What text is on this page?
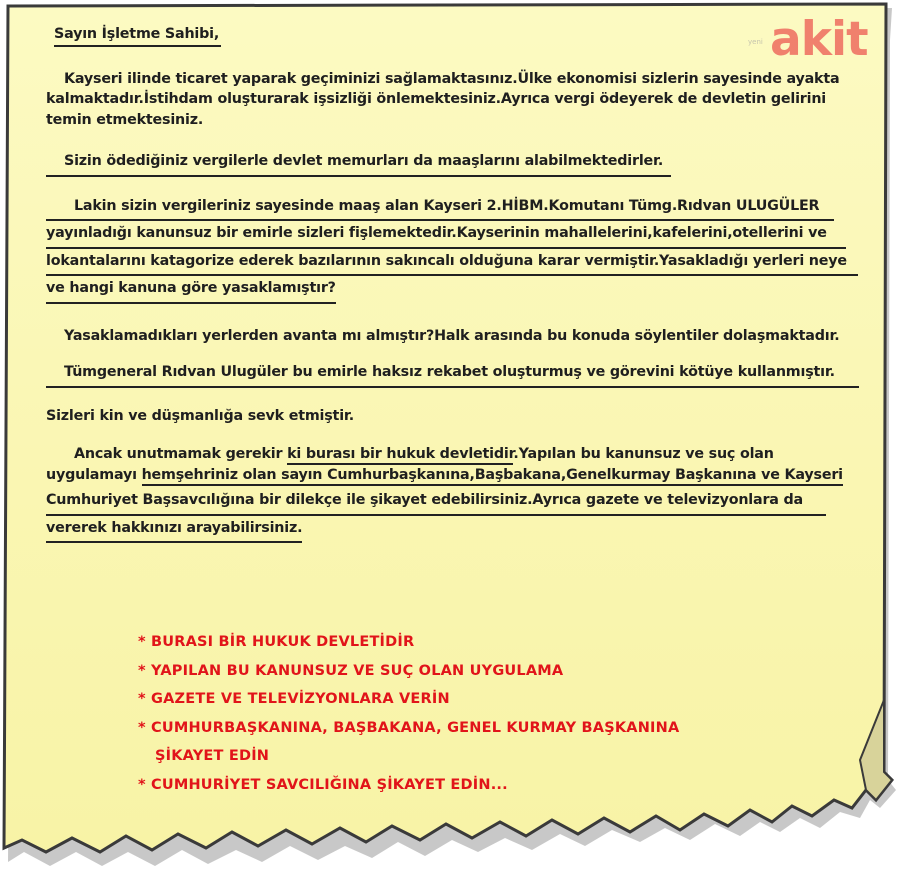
yeni akit

Sayın İşletme Sahibi,

Kayseri ilinde ticaret yaparak geçiminizi sağlamaktasınız.Ülke ekonomisi sizlerin sayesinde ayakta kalmaktadır.İstihdam oluşturarak işsizliği önlemektesiniz.Ayrıca vergi ödeyerek de devletin gelirini temin etmektesiniz.

Sizin ödediğiniz vergilerle devlet memurları da maaşlarını alabilmektedirler.

Lakin sizin vergileriniz sayesinde maaş alan Kayseri 2.HİBM.Komutanı Tümg.Rıdvan ULUGÜLER
yayınladığı kanunsuz bir emirle sizleri fişlemektedir.Kayserinin mahallelerini,kafelerini,otellerini ve
lokantalarını katagorize ederek bazılarının sakıncalı olduğuna karar vermiştir.Yasakladığı yerleri neye
ve hangi kanuna göre yasaklamıştır?

Yasaklamadıkları yerlerden avanta mı almıştır?Halk arasında bu konuda söylentiler dolaşmaktadır.

Tümgeneral Rıdvan Ulugüler bu emirle haksız rekabet oluşturmuş ve görevini kötüye kullanmıştır.

Sizleri kin ve düşmanlığa sevk etmiştir.

Ancak unutmamak gerekir ki burası bir hukuk devletidir.Yapılan bu kanunsuz ve suç olan
uygulamayı hemşehriniz olan sayın Cumhurbaşkanına,Başbakana,Genelkurmay Başkanına ve Kayseri
Cumhuriyet Başsavcılığına bir dilekçe ile şikayet edebilirsiniz.Ayrıca gazete ve televizyonlara da
vererek hakkınızı arayabilirsiniz.

* BURASI BİR HUKUK DEVLETİDİR
* YAPILAN BU KANUNSUZ VE SUÇ OLAN UYGULAMA
* GAZETE VE TELEVİZYONLARA VERİN
* CUMHURBAŞKANINA, BAŞBAKANA, GENEL KURMAY BAŞKANINA
ŞİKAYET EDİN
* CUMHURİYET SAVCILIĞINA ŞİKAYET EDİN...
